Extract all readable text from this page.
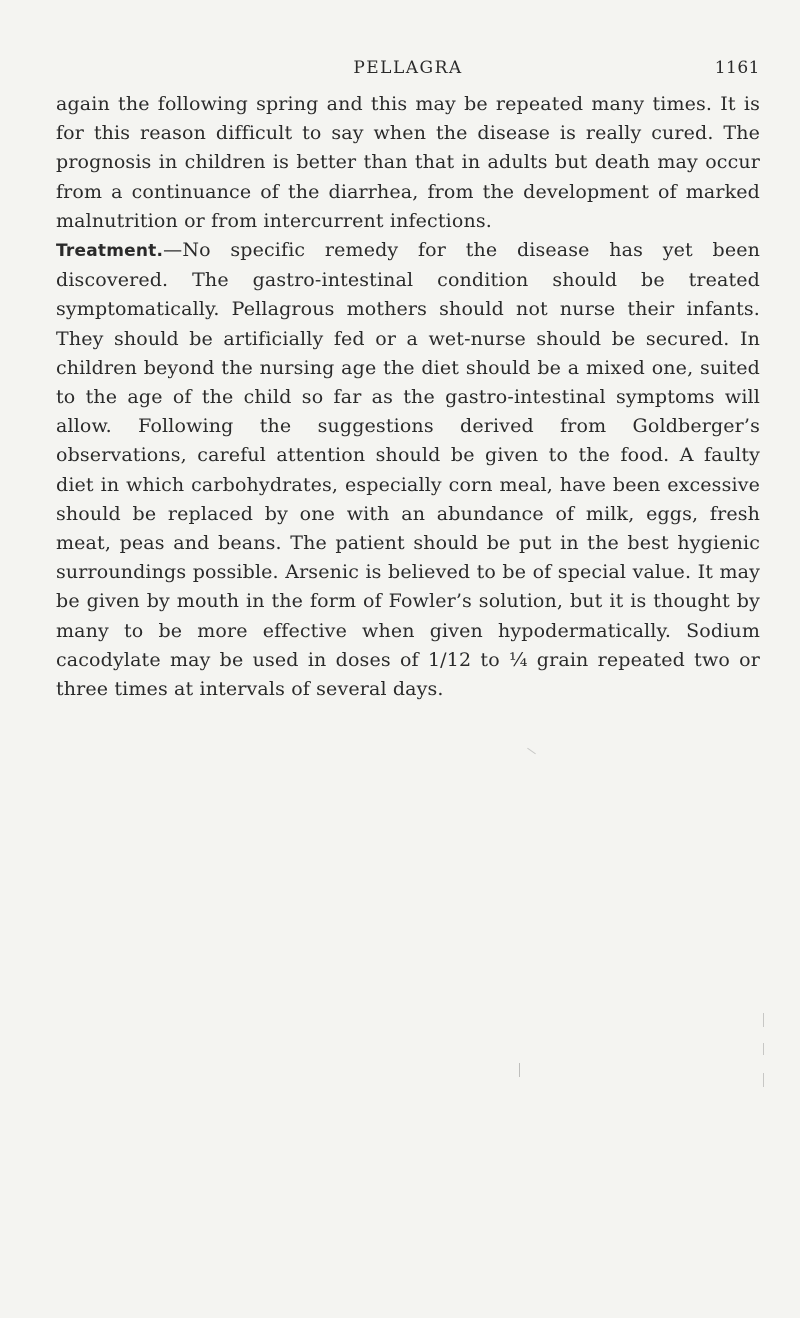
PELLAGRA	1161

again the following spring and this may be repeated many times. It is for this reason difficult to say when the disease is really cured. The prognosis in children is better than that in adults but death may occur from a continuance of the diarrhea, from the development of marked malnutrition or from intercurrent infections.

Treatment.—No specific remedy for the disease has yet been discovered. The gastro-intestinal condition should be treated symptomatically. Pellagrous mothers should not nurse their infants. They should be artificially fed or a wet-nurse should be secured. In children beyond the nursing age the diet should be a mixed one, suited to the age of the child so far as the gastro-intestinal symptoms will allow. Following the suggestions derived from Goldberger’s observations, careful attention should be given to the food. A faulty diet in which carbohydrates, especially corn meal, have been excessive should be replaced by one with an abundance of milk, eggs, fresh meat, peas and beans. The patient should be put in the best hygienic surroundings possible. Arsenic is believed to be of special value. It may be given by mouth in the form of Fowler’s solution, but it is thought by many to be more effective when given hypodermatically. Sodium cacodylate may be used in doses of 1/12 to ¼ grain repeated two or three times at intervals of several days.
